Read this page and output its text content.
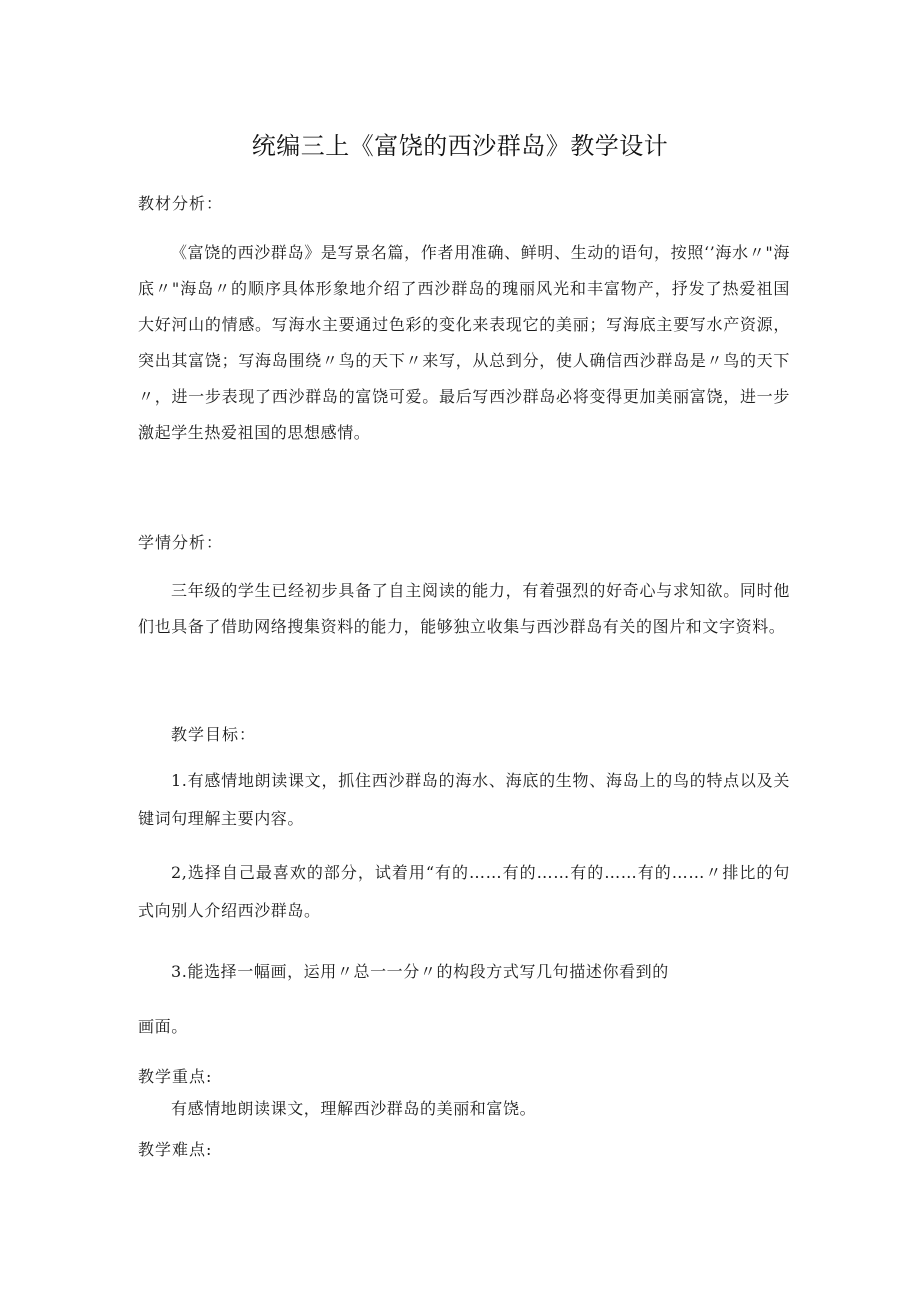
统编三上《富饶的西沙群岛》教学设计
教材分析：
《富饶的西沙群岛》是写景名篇，作者用准确、鲜明、生动的语句，按照‘’海水〃"海底〃"海岛〃的顺序具体形象地介绍了西沙群岛的瑰丽风光和丰富物产，抒发了热爱祖国大好河山的情感。写海水主要通过色彩的变化来表现它的美丽；写海底主要写水产资源，突出其富饶；写海岛围绕〃鸟的天下〃来写，从总到分，使人确信西沙群岛是〃鸟的天下〃，进一步表现了西沙群岛的富饶可爱。最后写西沙群岛必将变得更加美丽富饶，进一步激起学生热爱祖国的思想感情。
学情分析：
三年级的学生已经初步具备了自主阅读的能力，有着强烈的好奇心与求知欲。同时他们也具备了借助网络搜集资料的能力，能够独立收集与西沙群岛有关的图片和文字资料。
教学目标：
1.有感情地朗读课文，抓住西沙群岛的海水、海底的生物、海岛上的鸟的特点以及关键词句理解主要内容。
2,选择自己最喜欢的部分，试着用“有的……有的……有的……有的……〃排比的句式向别人介绍西沙群岛。
3.能选择一幅画，运用〃总一一分〃的构段方式写几句描述你看到的
画面。
教学重点:
有感情地朗读课文，理解西沙群岛的美丽和富饶。
教学难点:
